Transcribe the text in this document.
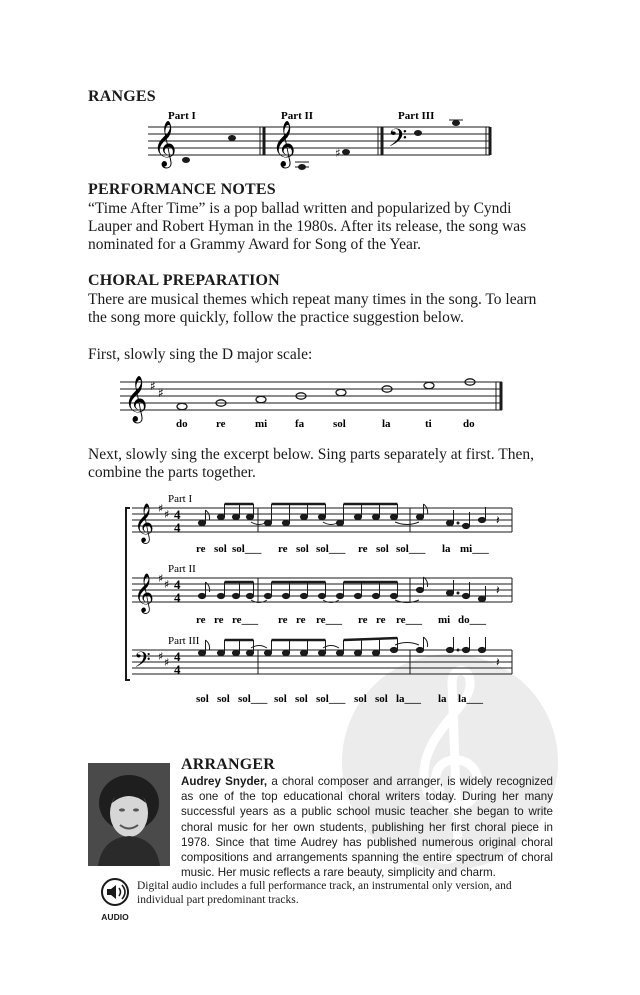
RANGES
𝄞 𝄞	𝄢
Part I	Part II	Part III
♯
PERFORMANCE NOTES

“Time After Time” is a pop ballad written and popularized by Cyndi Lauper and Robert Hyman in the 1980s. After its release, the song was nominated for a Grammy Award for Song of the Year.

CHORAL PREPARATION

There are musical themes which repeat many times in the song. To learn the song more quickly, follow the practice suggestion below.

First, slowly sing the D major scale:

𝄞 ♯ ♯
do	re	mi	fa	sol	la	ti	do

Next, slowly sing the excerpt below. Sing parts separately at first. Then, combine the parts together.

Part I
Part II
Part III
𝄞
𝄞
𝄢
♯ ♯
♯ ♯
♯ ♯
4
4
4
4
4
4
𝄽
𝄽
𝄽
re sol sol___ re sol sol___ re sol sol___ la mi___
re re re___ re re re___ re re re___ mi do___
sol sol sol___ sol sol sol___ sol sol la___ la la___
ARRANGER

Audrey Snyder, a choral composer and arranger, is widely recognized as one of the top educational choral writers today. During her many successful years as a public school music teacher she began to write choral music for her own students, publishing her first choral piece in 1978. Since that time Audrey has published numerous original choral compositions and arrangements spanning the entire spectrum of choral music. Her music reflects a rare beauty, simplicity and charm.

AUDIO

Digital audio includes a full performance track, an instrumental only version, and individual part predominant tracks.
